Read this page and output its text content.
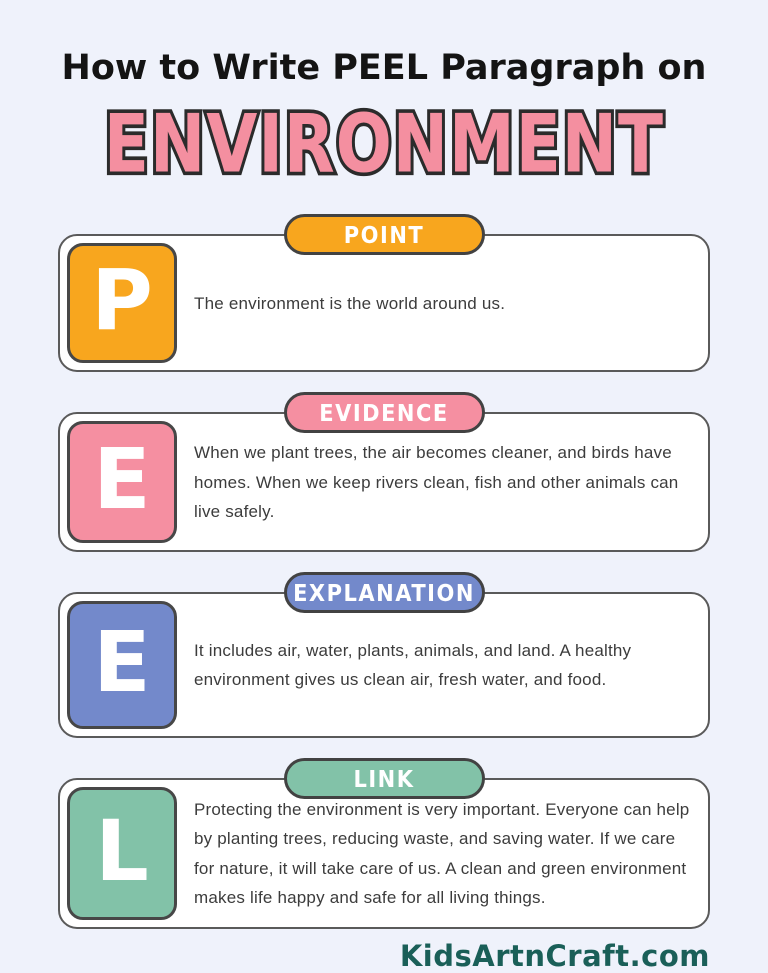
How to Write PEEL Paragraph on
ENVIRONMENT ENVIRONMENT
POINT
P	The environment is the world around us.

EVIDENCE
E	When we plant trees, the air becomes cleaner, and birds have homes. When we keep rivers clean, fish and other animals can live safely.

EXPLANATION
E	It includes air, water, plants, animals, and land. A healthy environment gives us clean air, fresh water, and food.

LINK
L	Protecting the environment is very important. Everyone can help by planting trees, reducing waste, and saving water. If we care for nature, it will take care of us. A clean and green environment makes life happy and safe for all living things.

KidsArtnCraft.com
